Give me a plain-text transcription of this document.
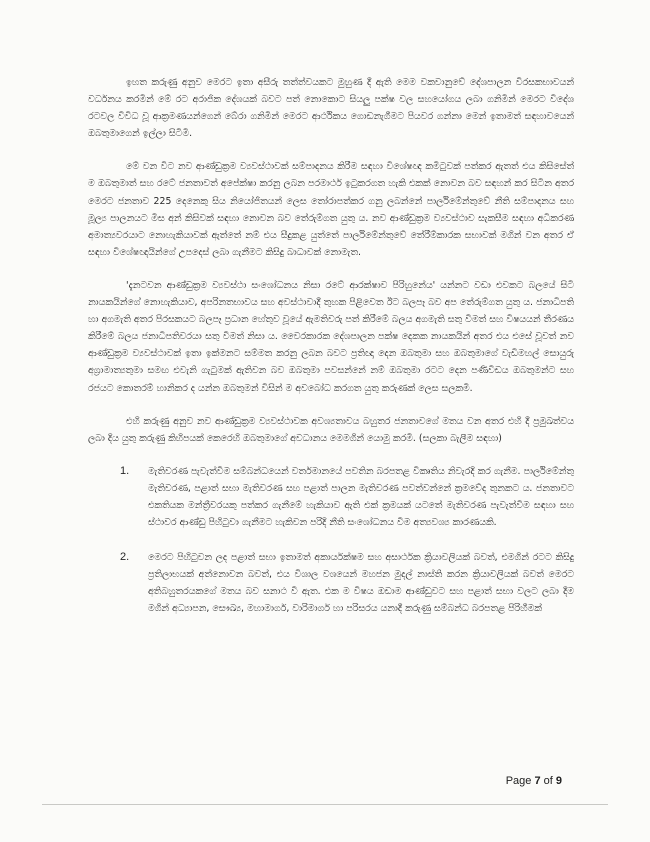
ඉහත කරුණු අනුව මෙරට ඉතා අසීරු තත්ත්වයකට මුහුණ දී ඇති මෙම වකවානුවේ දේශපාලන විරසකභාවයන් වර්ධනය කරමින් මේ රට අරාජික දේශයක් බවට පත් නොකොට සියලු පක්ෂ වල සහයෝගය ලබා ගනිමින් මෙරට විදේශ රටවල විවිධ වූ ආක්‍රමණයන්ගෙන් බේරා ගනිමින් මෙරට ආර්ථිකය ගොඩනැගීමට පියවර ගන්නා මෙන් ඉතාමත් සඳහාවයෙන් ඔබතුමාගෙන් ඉල්ලා සිටිමි.

මේ වන විට නව ආණ්ඩුක්‍රම ව්‍යවස්ථාවක් සම්පාදනය කිරීම සඳහා විශේෂඥ කමිටුවක් පත්කර ඇතත් එය කිසිසේත් ම ඔබතුමාත් සහ රටේ ජනතාවත් අපේක්ෂා කරනු ලබන පරමාර්ථ ඉටුකරගත හැකි එකක් නොවන බව සඳහන් කර සිටින අතර මෙරට ජනතාව 225 දෙනෙකු සිය නියෝජිතයන් ලෙස තෝරාපත්කර ගනු ලබන්නේ පාර්ලිමේන්තුවේ නීති සම්පාදනය සහ මූල්‍ය පාලනයට මිස අන් කිසිවක් සඳහා නොවන බව තේරුම්ගත යුතු ය. නව ආණ්ඩුක්‍රම ව්‍යවස්ථාව සැකසීම සඳහා අධිකරණ අමාත්‍යවරයාට නොහැකියාවක් ඇත්තේ නම් එය සීදුකළ යුත්තේ පාර්ලිමේන්තුවේ තේරීම්කාරක සභාවක් මගින් වන අතර ඒ සඳහා විශේෂඥයින්ගේ උපදෙස් ලබා ගැනීමට කිසිදු බාධාවක් නොමැත.

'දැනටවන ආණ්ඩුක්‍රම ව්‍යවස්ථා සංශෝධනය නිසා රටේ ආරක්ෂාව පිරිහුනේය' යන්නට වඩා එවකට බලයේ සිටි නායකයින්ගේ නොහැකියාව, අපරිනතභාවය සහ අවස්ථාවාදී තුහක පිළිවෙත ඊට බලපෑ බව අප තේරුම්ගත යුතු ය. ජනාධිපති හා අගමැති අතර පිරසකයට බලපෑ ප්‍රධාන හේතුව වූයේ ඇමතිවරු පත් කිරීමේ බලය අගමැති සතු වීමත් සහ විෂයයන් තීරණය කිරීමේ බලය ජනාධිපතිවරයා සතු වීමත් නිසා ය. වෛරකාරක දේශපාලන පක්ෂ දෙකක නායකයින් අතර එය එසේ වූවත් නව ආණ්ඩුක්‍රම ව්‍යවස්ථාවක් ඉතා ඉක්මනට සම්මත කරනු ලබන බවට ප්‍රතිඥා දෙන ඔබතුමා සහ ඔබතුමාගේ වැඩිමහල් සොයුරු අග්‍රාමාත්‍යතුමා සමඟ එවැනි ගැටුමක් ඇතිවන බව ඔබතුමා පවසන්නේ නම් ඔබතුමා රටට දෙන පණිවිඩය ඔබතුමන්ට සහ රජයට කොතරම් හානිකර ද යන්න ඔබතුමන් විසින් ම අවබෝධ කරගත යුතු කරුණක් ලෙස සලකමි.

එහි කරුණු අනුව නව ආණ්ඩුක්‍රම ව්‍යවස්ථාවක අවශ්‍යතාවය බහුතර ජනතාවගේ මතය වන අතර එහි දී ප්‍රමුඛත්වය ලබා දිය යුතු කරුණු කිහිපයක් කෙරෙහි ඔබතුමාගේ අවධානය මෙමගින් යොමු කරමි. (සලකා බැලීම සඳහා)

1.	මැතිවරණ පැවැත්වීම සම්බන්ධයෙන් වර්තමානයේ පවතින බරපතළ විකෘතිය නිවැරදි කර ගැනීම. පාර්ලිමේන්තු මැතිවරණ, පළාත් සභා මැතිවරණ සහ පළාත් පාලන මැතිවරණ පවත්වන්නේ ක්‍රමවේද තුනකට ය. ජනතාවට එකතියක මන්ත්‍රීවරයකු පත්කර ගැනීමේ හැකියාව ඇති එක් ක්‍රමයක් යටතේ මැතිවරණ පැවැත්වීම සඳහා සහ ස්ථාවර ආණ්ඩු පිහිටුවා ගැනීමට හැකිවන පරිදි නීති සංශෝධනය වීම අත්‍යවශ්‍ය කාරණයකි.
2.	මෙරට පිහිටුවන ලද පළාත් සභා ඉතාමත් අකාර්යක්ෂම සහ අසාර්ථක ක්‍රියාවලියක් බවත්, එමගින් රටට කිසිදු ප්‍රතිලාභයක් අත්නොවන බවත්, එය විශාල වශයෙන් මහජන මුදල් නාස්ති කරන ක්‍රියාවලියක් බවත් මෙරට අතිබහුතරයකගේ මතය බව සනාථ වී ඇත. එක ම විෂය ඔඩාම ආණ්ඩුවට සහ පළාත් සභා වලට ලබා දීම මගින් අධ්‍යාපන, සෞඛ්‍ය, මහාමාර්ග, වාරිමාර්ග හා පරිසරය යනාදී කරුණු සම්බන්ධ බරපතළ පිරිහීමක්
Page 7 of 9
